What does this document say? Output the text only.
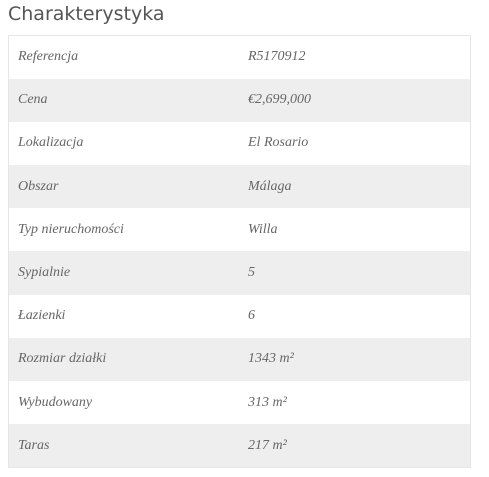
Charakterystyka
Referencja	R5170912
Cena	€2,699,000
Lokalizacja	El Rosario
Obszar	Málaga
Typ nieruchomości	Willa
Sypialnie	5
Łazienki	6
Rozmiar działki	1343 m²
Wybudowany	313 m²
Taras	217 m²
